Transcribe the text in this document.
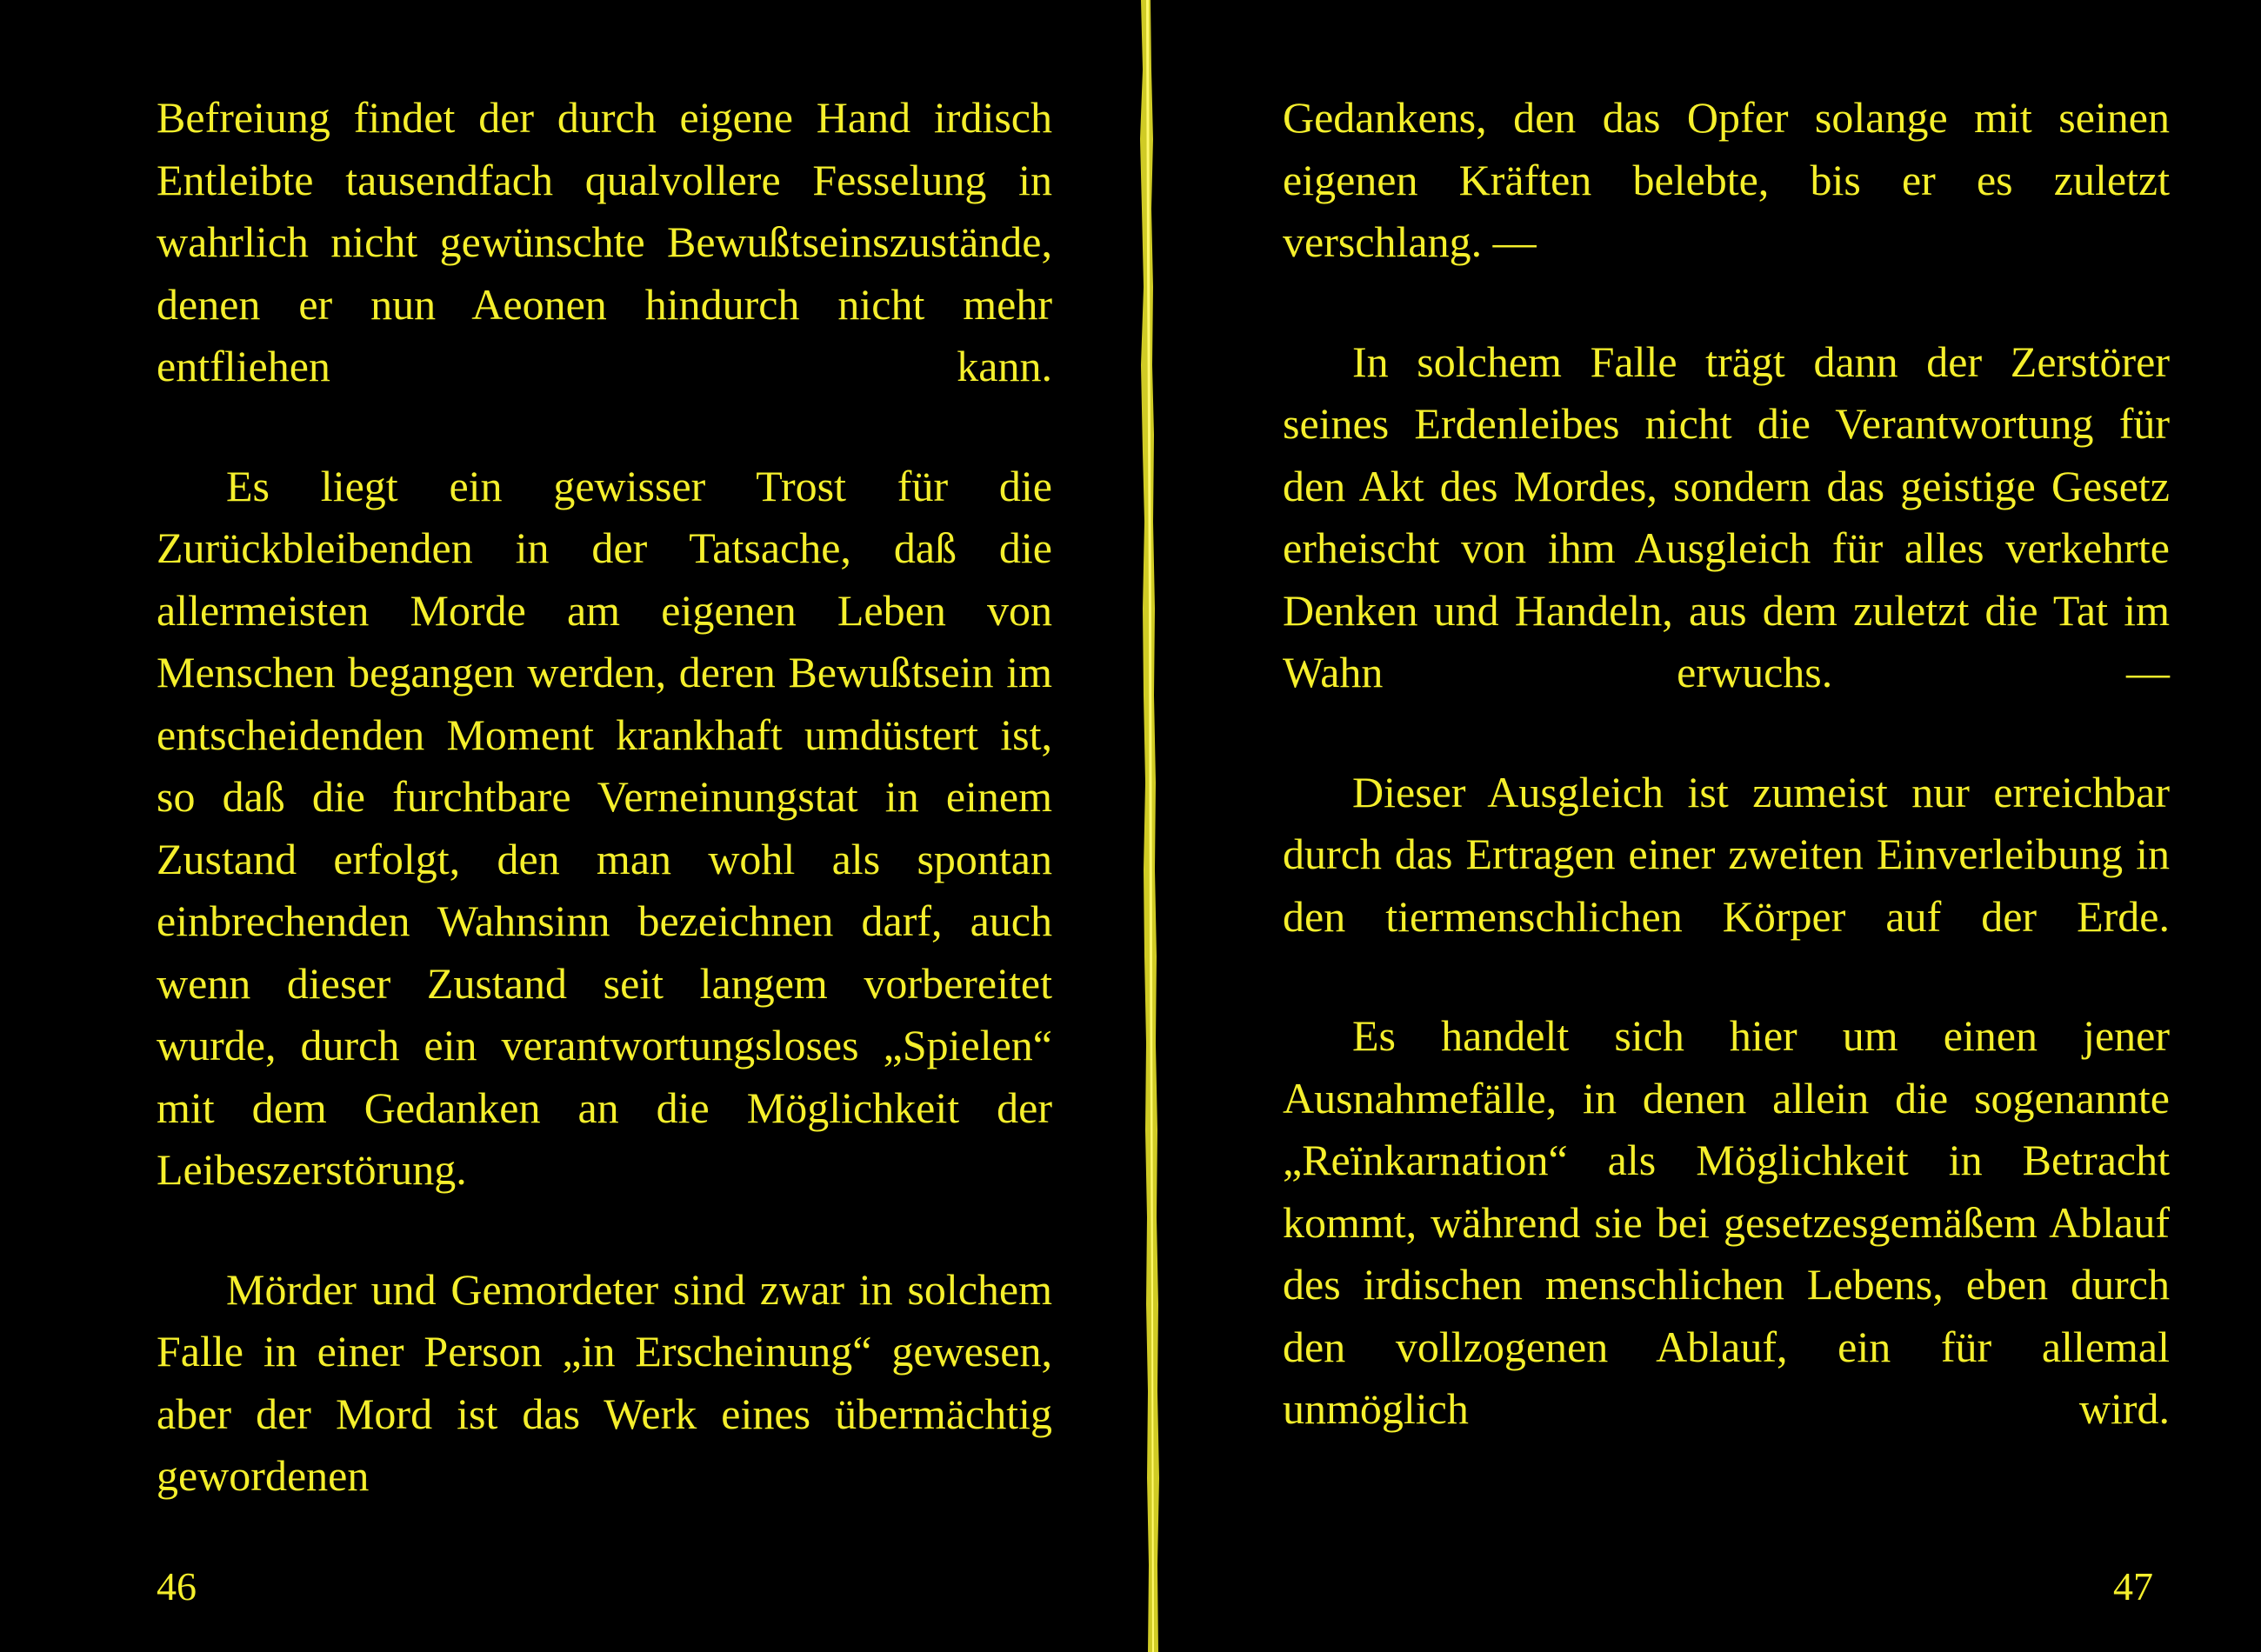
Befreiung findet der durch eigene Hand irdisch Entleibte tausendfach qualvollere Fesselung in wahrlich nicht gewünschte Bewußtseinszustände, denen er nun Aeonen hindurch nicht mehr entfliehen kann.

Es liegt ein gewisser Trost für die Zurückbleibenden in der Tatsache, daß die allermeisten Morde am eigenen Leben von Menschen begangen werden, deren Bewußtsein im entscheidenden Moment krankhaft umdüstert ist, so daß die furchtbare Verneinungstat in einem Zustand erfolgt, den man wohl als spontan einbrechenden Wahnsinn bezeichnen darf, auch wenn dieser Zustand seit langem vorbereitet wurde, durch ein verantwortungsloses „Spielen“ mit dem Gedanken an die Möglichkeit der Leibeszerstörung.

Mörder und Gemordeter sind zwar in solchem Falle in einer Person „in Erscheinung“ gewesen, aber der Mord ist das Werk eines übermächtig gewordenen

46

Gedankens, den das Opfer solange mit seinen eigenen Kräften belebte, bis er es zuletzt verschlang. —

In solchem Falle trägt dann der Zerstörer seines Erdenleibes nicht die Verantwortung für den Akt des Mordes, sondern das geistige Gesetz erheischt von ihm Ausgleich für alles verkehrte Denken und Handeln, aus dem zuletzt die Tat im Wahn erwuchs. —

Dieser Ausgleich ist zumeist nur erreichbar durch das Ertragen einer zweiten Einverleibung in den tiermenschlichen Körper auf der Erde.

Es handelt sich hier um einen jener Ausnahmefälle, in denen allein die sogenannte „Reïnkarnation“ als Möglichkeit in Betracht kommt, während sie bei gesetzesgemäßem Ablauf des irdischen menschlichen Lebens, eben durch den vollzogenen Ablauf, ein für allemal unmöglich wird.

47
